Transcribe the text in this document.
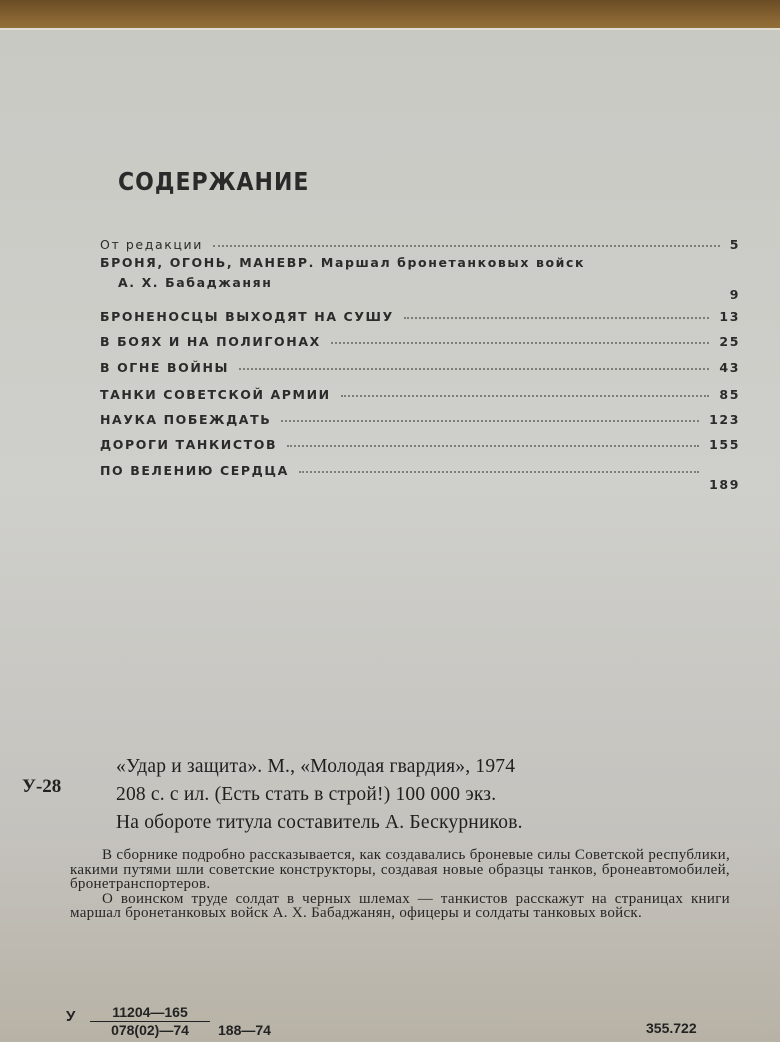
СОДЕРЖАНИЕ
От редакции	5
БРОНЯ, ОГОНЬ, МАНЕВР. Маршал бронетанковых войск
А. Х. Бабаджанян
9
БРОНЕНОСЦЫ ВЫХОДЯТ НА СУШУ	13
В БОЯХ И НА ПОЛИГОНАХ	25
В ОГНЕ ВОЙНЫ	43
ТАНКИ СОВЕТСКОЙ АРМИИ	85
НАУКА ПОБЕЖДАТЬ	123
ДОРОГИ ТАНКИСТОВ	155
ПО ВЕЛЕНИЮ СЕРДЦА
189
У-28
«Удар и защита». М., «Молодая гвардия», 1974
208 с. с ил. (Есть стать в строй!) 100 000 экз.
На обороте титула составитель А. Бескурников.

В сборнике подробно рассказывается, как создавались броневые силы Советской республики, какими путями шли советские конструкторы, создавая новые образцы танков, бронеавтомобилей, бронетранспортеров.

О воинском труде солдат в черных шлемах — танкистов расскажут на страницах книги маршал бронетанковых войск А. Х. Бабаджанян, офицеры и солдаты танковых войск.

У $\frac{11204—165}{078(02)—74}$ 188—74	355.722
